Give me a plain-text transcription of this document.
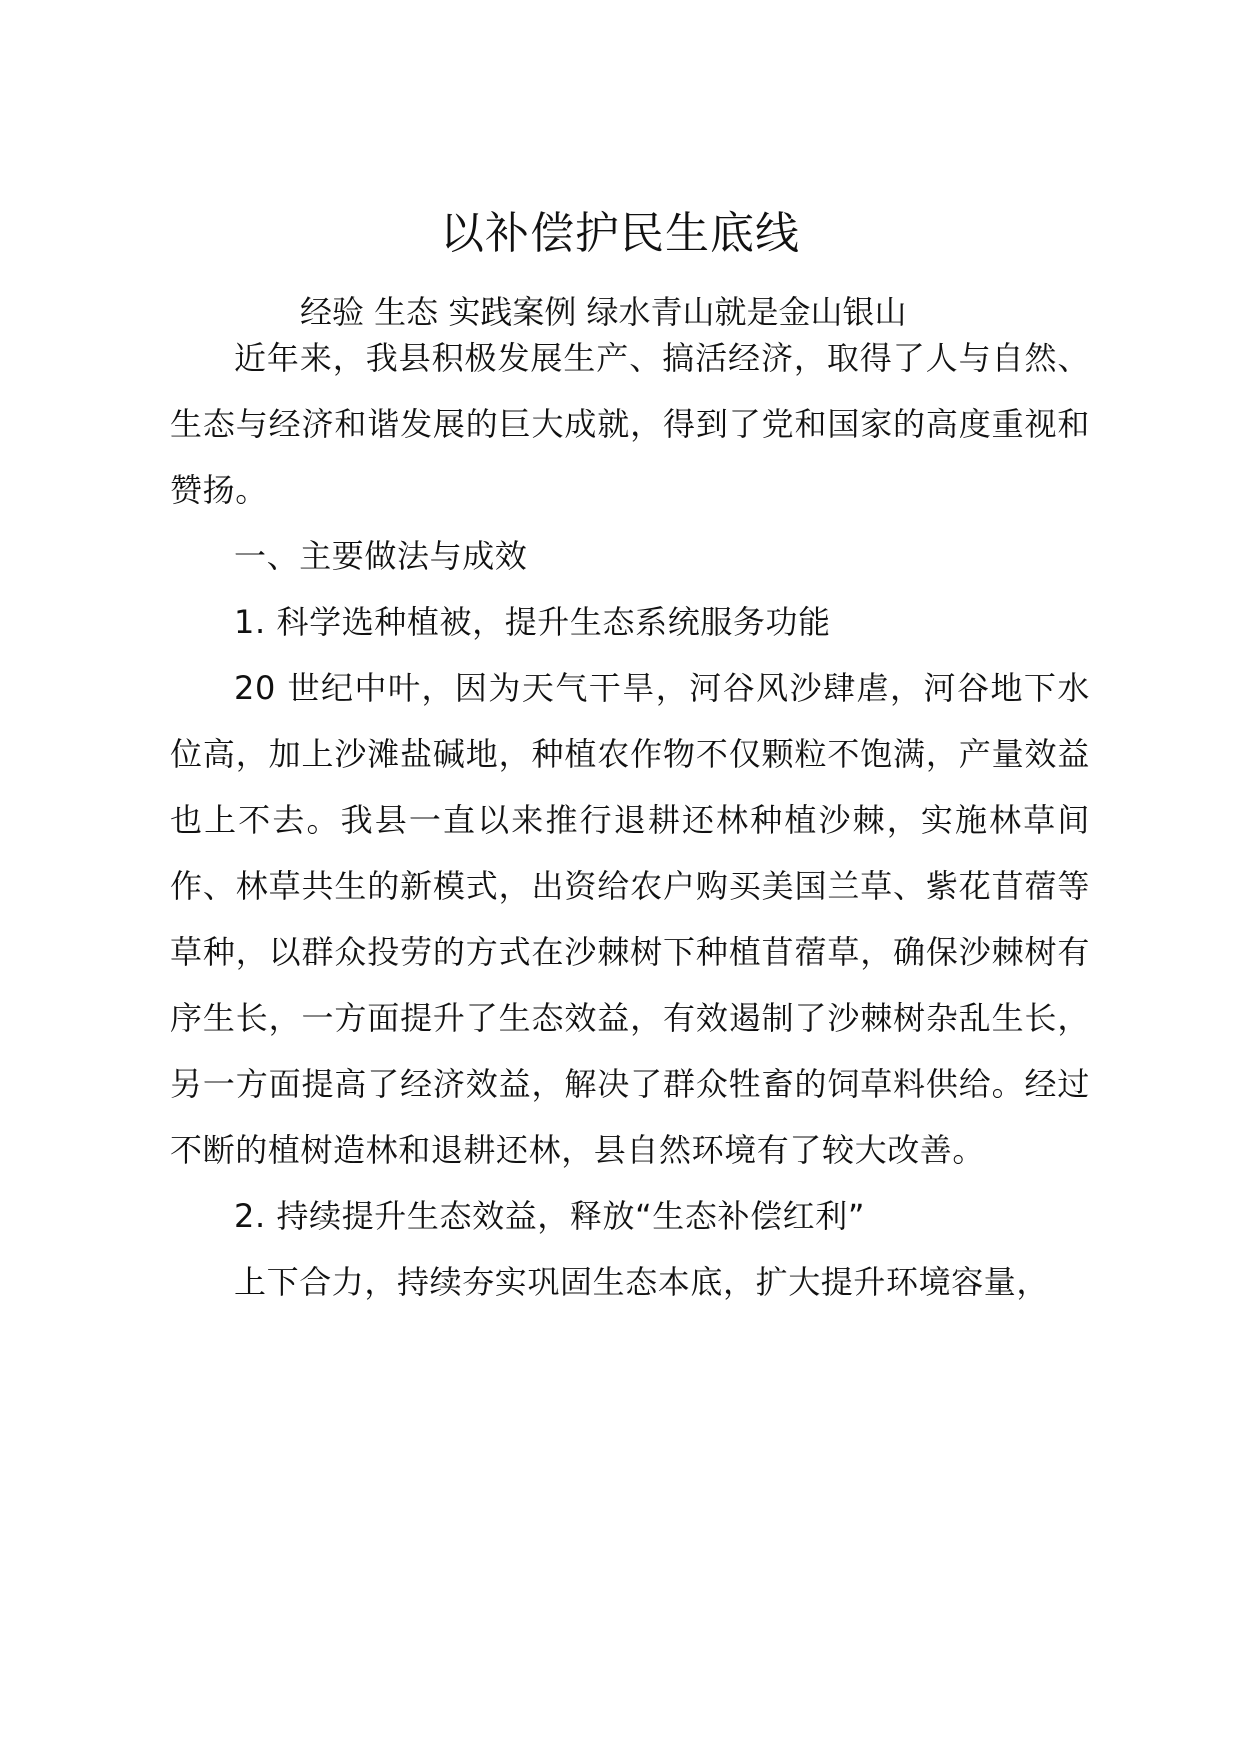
以补偿护民生底线
经验 生态 实践案例 绿水青山就是金山银山

近年来，我县积极发展生产、搞活经济，取得了人与自然、生态与经济和谐发展的巨大成就，得到了党和国家的高度重视和赞扬。

一、主要做法与成效

1. 科学选种植被，提升生态系统服务功能

20 世纪中叶，因为天气干旱，河谷风沙肆虐，河谷地下水位高，加上沙滩盐碱地，种植农作物不仅颗粒不饱满，产量效益也上不去。我县一直以来推行退耕还林种植沙棘，实施林草间作、林草共生的新模式，出资给农户购买美国兰草、紫花苜蓿等草种，以群众投劳的方式在沙棘树下种植苜蓿草，确保沙棘树有序生长，一方面提升了生态效益，有效遏制了沙棘树杂乱生长，另一方面提高了经济效益，解决了群众牲畜的饲草料供给。经过不断的植树造林和退耕还林，县自然环境有了较大改善。

2. 持续提升生态效益，释放“生态补偿红利”

上下合力，持续夯实巩固生态本底，扩大提升环境容量，
